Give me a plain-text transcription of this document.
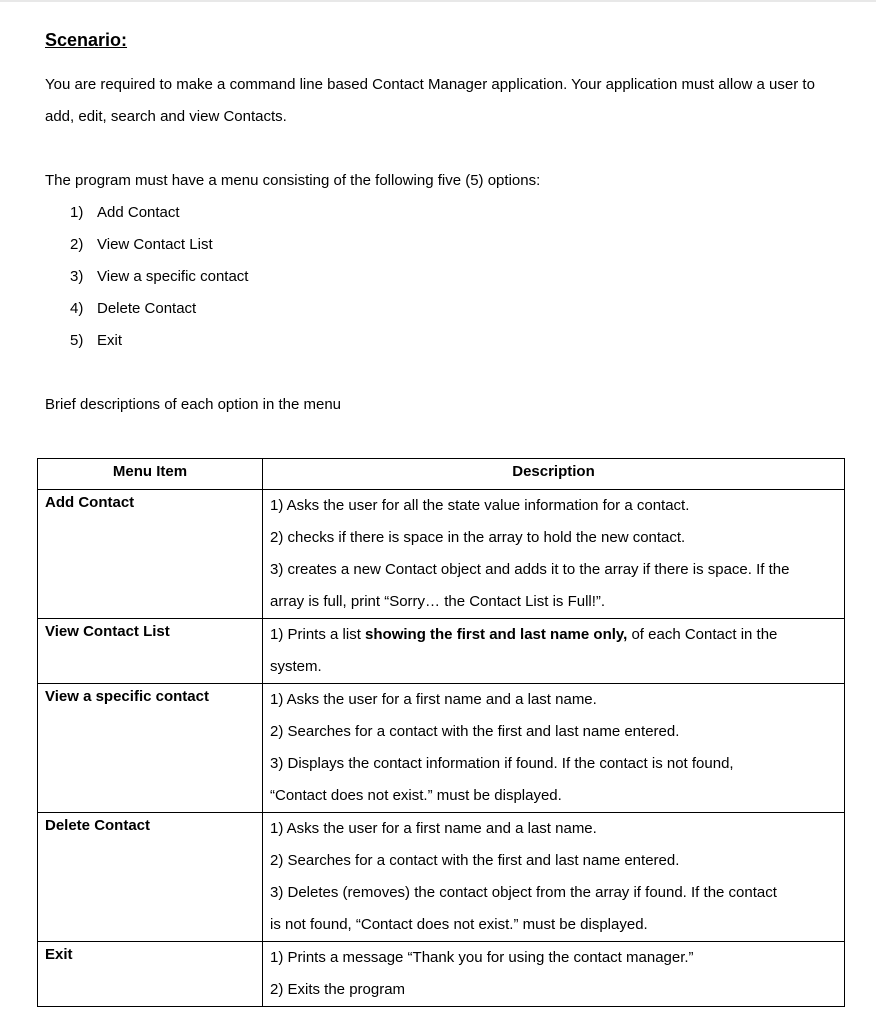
Scenario:
You are required to make a command line based Contact Manager application. Your application must allow a user to add, edit, search and view Contacts.
The program must have a menu consisting of the following five (5) options:
1) Add Contact
2) View Contact List
3) View a specific contact
4) Delete Contact
5) Exit
Brief descriptions of each option in the menu
Menu Item	Description
Add Contact	1) Asks the user for all the state value information for a contact.
2) checks if there is space in the array to hold the new contact.
3) creates a new Contact object and adds it to the array if there is space. If the
array is full, print “Sorry… the Contact List is Full!”.

View Contact List	1) Prints a list showing the first and last name only, of each Contact in the
system.

View a specific contact	1) Asks the user for a first name and a last name.
2) Searches for a contact with the first and last name entered.
3) Displays the contact information if found. If the contact is not found,
“Contact does not exist.” must be displayed.

Delete Contact	1) Asks the user for a first name and a last name.
2) Searches for a contact with the first and last name entered.
3) Deletes (removes) the contact object from the array if found. If the contact
is not found, “Contact does not exist.” must be displayed.

Exit	1) Prints a message “Thank you for using the contact manager.”
2) Exits the program
